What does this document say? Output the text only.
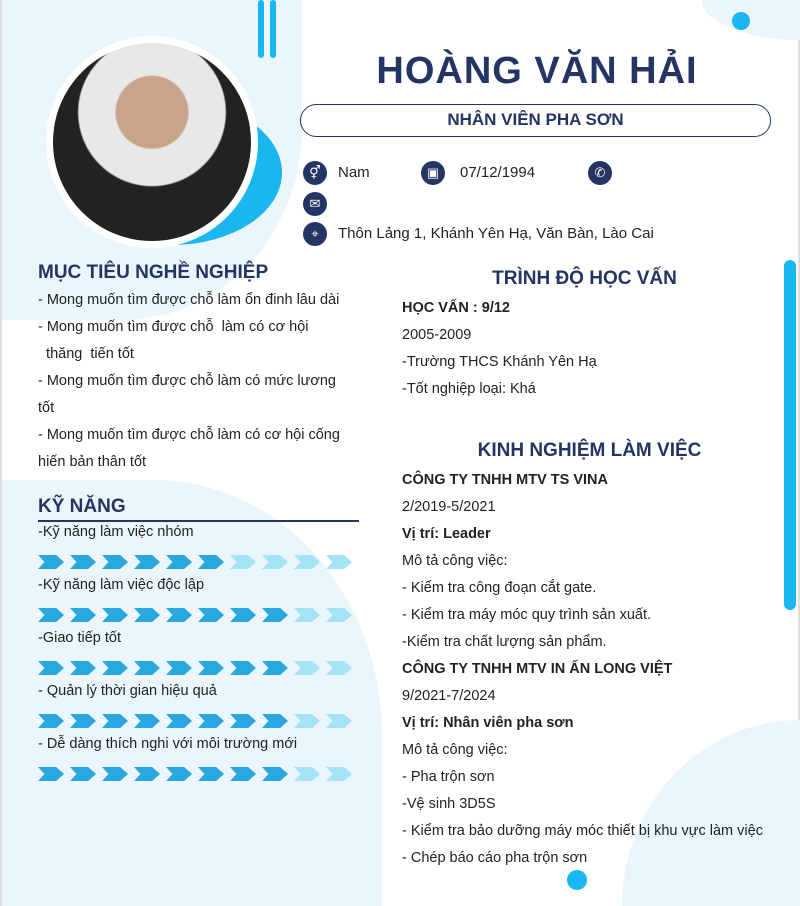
HOÀNG VĂN HẢI
NHÂN VIÊN PHA SƠN
⚥	Nam	▣	07/12/1994	✆
✉
⌖	Thôn Lảng 1, Khánh Yên Hạ, Văn Bàn, Lào Cai
MỤC TIÊU NGHỀ NGHIỆP
- Mong muốn tìm được chỗ làm ổn đinh lâu dài
- Mong muốn tìm được chỗ  làm có cơ hội
thăng  tiến tốt
- Mong muốn tìm được chỗ làm có mức lương
tốt
- Mong muốn tìm được chỗ làm có cơ hội cống
hiến bản thân tốt
KỸ NĂNG
-Kỹ năng làm việc nhóm
-Kỹ năng làm việc độc lập
-Giao tiếp tốt
- Quản lý thời gian hiệu quả
- Dễ dàng thích nghi với môi trường mới
TRÌNH ĐỘ HỌC VẤN
HỌC VẤN : 9/12
2005-2009
-Trường THCS Khánh Yên Hạ
-Tốt nghiệp loại: Khá
KINH NGHIỆM LÀM VIỆC
CÔNG TY TNHH MTV TS VINA
2/2019-5/2021
Vị trí: Leader
Mô tả công việc:
- Kiểm tra công đoạn cắt gate.
- Kiểm tra máy móc quy trình sản xuất.
-Kiểm tra chất lượng sản phẩm.
CÔNG TY TNHH MTV IN ẤN LONG VIỆT
9/2021-7/2024
Vị trí: Nhân viên pha sơn
Mô tả công việc:
- Pha trộn sơn
-Vệ sinh 3D5S
- Kiểm tra bảo dưỡng máy móc thiết bị khu vực làm việc
- Chép báo cáo pha trộn sơn
